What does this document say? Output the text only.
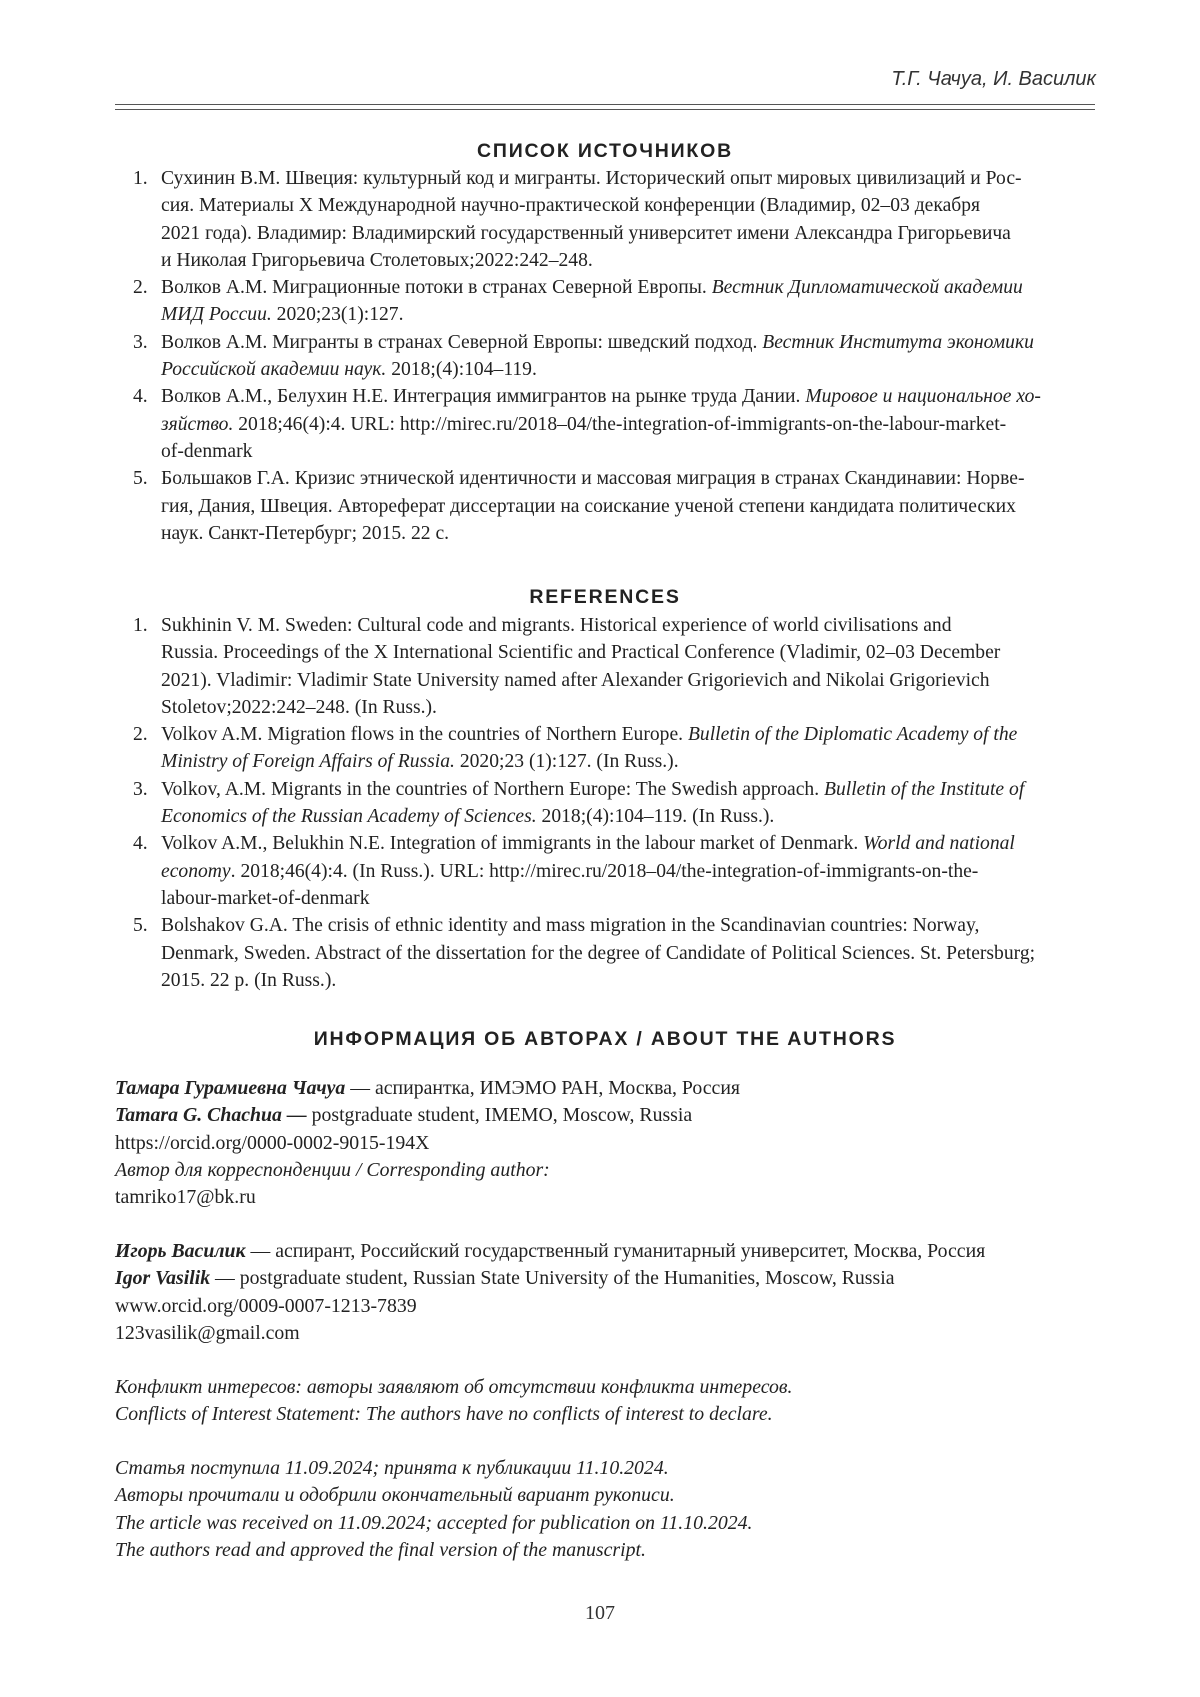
Т.Г. Чачуа, И. Василик
СПИСОК ИСТОЧНИКОВ
1. Сухинин В.М. Швеция: культурный код и мигранты. Исторический опыт мировых цивилизаций и Рос-
сия. Материалы X Международной научно-практической конференции (Владимир, 02–03 декабря
2021 года). Владимир: Владимирский государственный университет имени Александра Григорьевича
и Николая Григорьевича Столетовых;2022:242–248.
2. Волков А.М. Миграционные потоки в странах Северной Европы. Вестник Дипломатической академии
МИД России. 2020;23(1):127.
3. Волков А.М. Мигранты в странах Северной Европы: шведский подход. Вестник Института экономики
Российской академии наук. 2018;(4):104–119.
4. Волков А.М., Белухин Н.Е. Интеграция иммигрантов на рынке труда Дании. Мировое и национальное хо-
зяйство. 2018;46(4):4. URL: http://mirec.ru/2018–04/the-integration-of-immigrants-on-the-labour-market-
of-denmark
5. Большаков Г.А. Кризис этнической идентичности и массовая миграция в странах Скандинавии: Норве-
гия, Дания, Швеция. Автореферат диссертации на соискание ученой степени кандидата политических
наук. Санкт-Петербург; 2015. 22 с.
REFERENCES
1. Sukhinin V. M. Sweden: Cultural code and migrants. Historical experience of world civilisations and
Russia. Proceedings of the X International Scientific and Practical Conference (Vladimir, 02–03 December
2021). Vladimir: Vladimir State University named after Alexander Grigorievich and Nikolai Grigorievich
Stoletov;2022:242–248. (In Russ.).
2. Volkov A.M. Migration flows in the countries of Northern Europe. Bulletin of the Diplomatic Academy of the
Ministry of Foreign Affairs of Russia. 2020;23 (1):127. (In Russ.).
3. Volkov, A.M. Migrants in the countries of Northern Europe: The Swedish approach. Bulletin of the Institute of
Economics of the Russian Academy of Sciences. 2018;(4):104–119. (In Russ.).
4. Volkov A.M., Belukhin N.E. Integration of immigrants in the labour market of Denmark. World and national
economy. 2018;46(4):4. (In Russ.). URL: http://mirec.ru/2018–04/the-integration-of-immigrants-on-the-
labour-market-of-denmark
5. Bolshakov G.A. The crisis of ethnic identity and mass migration in the Scandinavian countries: Norway,
Denmark, Sweden. Abstract of the dissertation for the degree of Candidate of Political Sciences. St. Petersburg;
2015. 22 p. (In Russ.).
ИНФОРМАЦИЯ ОБ АВТОРАХ / ABOUT THE AUTHORS
Тамара Гурамиевна Чачуа — аспирантка, ИМЭМО РАН, Москва, Россия
Tamara G. Chachua — postgraduate student, IMEMO, Moscow, Russia
https://orcid.org/0000-0002-9015-194X
Автор для корреспонденции / Corresponding author:
tamriko17@bk.ru
Игорь Василик — аспирант, Российский государственный гуманитарный университет, Москва, Россия
Igor Vasilik — postgraduate student, Russian State University of the Humanities, Moscow, Russia
www.orcid.org/0009-0007-1213-7839
123vasilik@gmail.com
Конфликт интересов: авторы заявляют об отсутствии конфликта интересов.
Conflicts of Interest Statement: The authors have no conflicts of interest to declare.
Статья поступила 11.09.2024; принята к публикации 11.10.2024.
Авторы прочитали и одобрили окончательный вариант рукописи.
The article was received on 11.09.2024; accepted for publication on 11.10.2024.
The authors read and approved the final version of the manuscript.
107
